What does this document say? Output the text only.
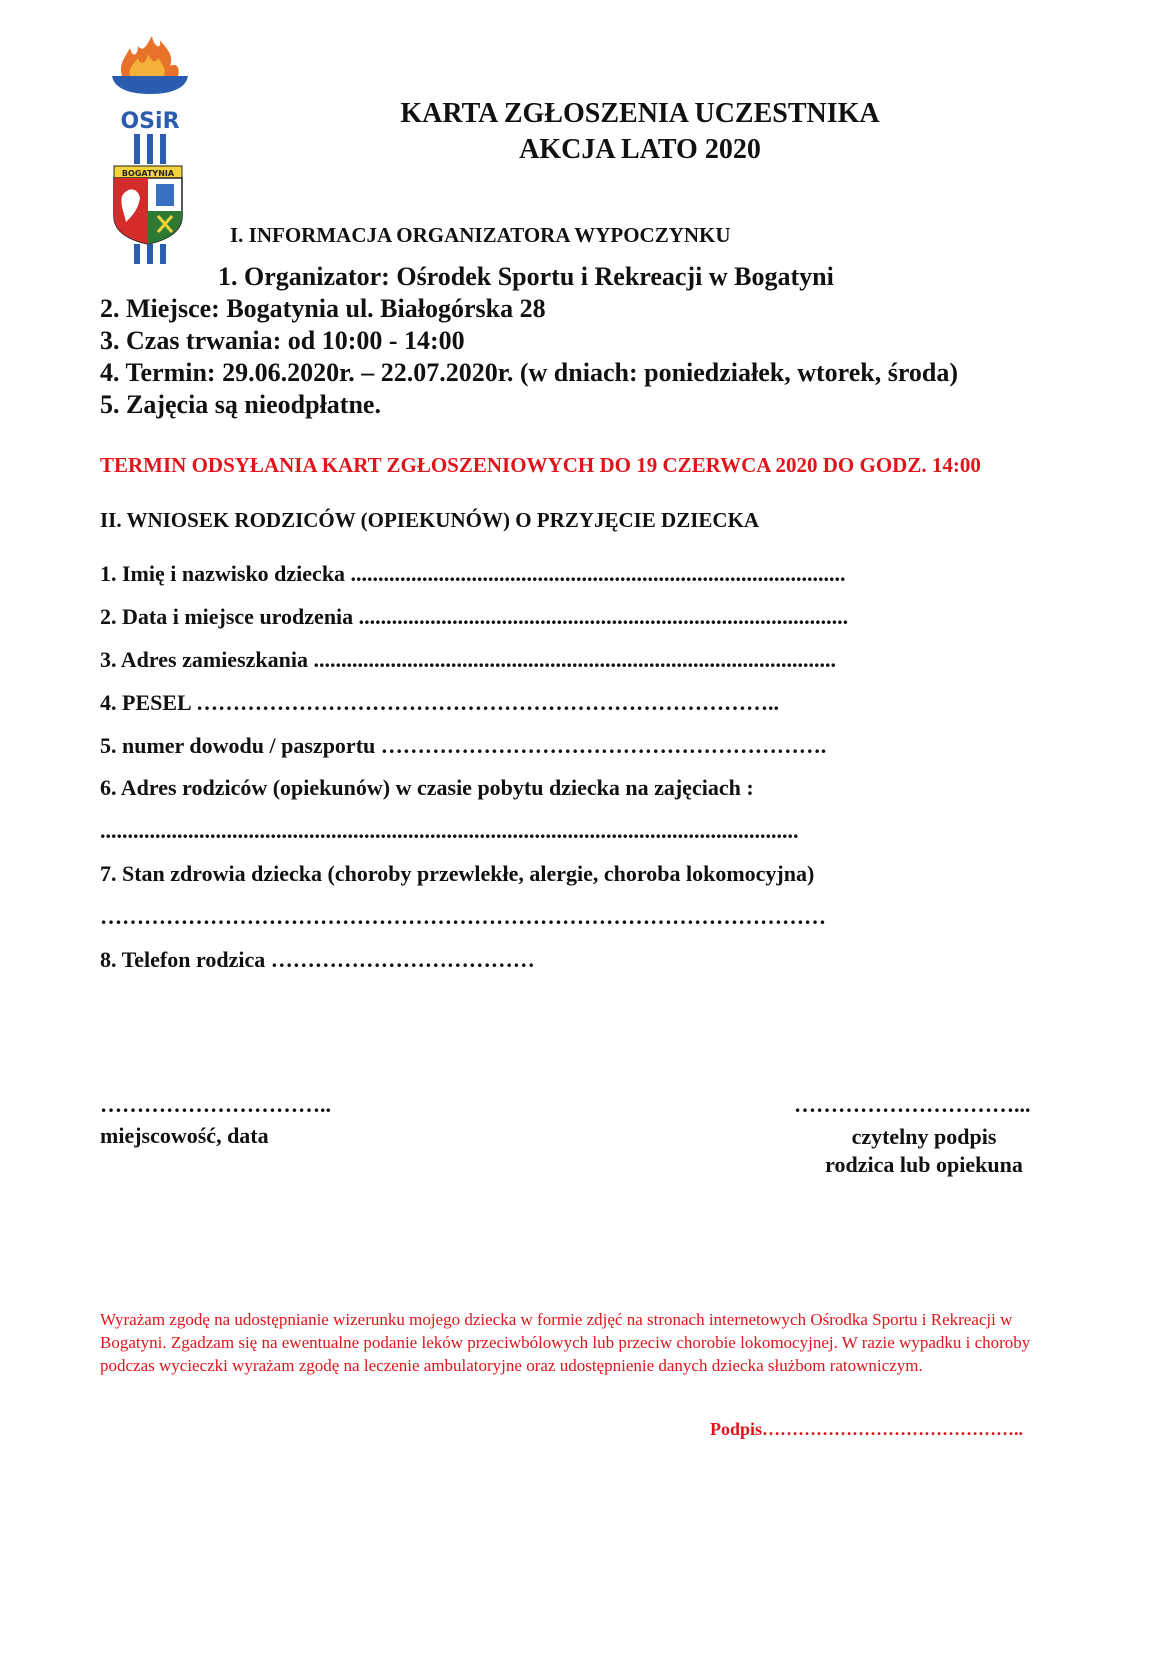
OSiR
BOGATYNIA
KARTA ZGŁOSZENIA UCZESTNIKA
AKCJA LATO 2020
I. INFORMACJA ORGANIZATORA WYPOCZYNKU
1. Organizator: Ośrodek Sportu i Rekreacji w Bogatyni
2. Miejsce: Bogatynia ul. Białogórska 28
3. Czas trwania: od 10:00 - 14:00
4. Termin: 29.06.2020r. – 22.07.2020r. (w dniach: poniedziałek, wtorek, środa)
5. Zajęcia są nieodpłatne.
TERMIN ODSYŁANIA KART ZGŁOSZENIOWYCH DO 19 CZERWCA 2020 DO GODZ. 14:00
II. WNIOSEK RODZICÓW (OPIEKUNÓW) O PRZYJĘCIE DZIECKA
1. Imię i nazwisko dziecka ..........................................................................................
2. Data i miejsce urodzenia .........................................................................................
3. Adres zamieszkania ...............................................................................................
4. PESEL ……………………………………………………………………..
5. numer dowodu / paszportu …………………………………………………….
6. Adres rodziców (opiekunów) w czasie pobytu dziecka na zajęciach :
...............................................................................................................................
7. Stan zdrowia dziecka (choroby przewlekłe, alergie, choroba lokomocyjna)
………………………………………………………………………………………
8. Telefon rodzica ………………………………
…………………………..
miejscowość, data
…………………………...
czytelny podpis
rodzica lub opiekuna
Wyrażam zgodę na udostępnianie wizerunku mojego dziecka w formie zdjęć na stronach internetowych Ośrodka Sportu i Rekreacji w Bogatyni. Zgadzam się na ewentualne podanie leków przeciwbólowych lub przeciw chorobie lokomocyjnej. W razie wypadku i choroby podczas wycieczki wyrażam zgodę na leczenie ambulatoryjne oraz udostępnienie danych dziecka służbom ratowniczym.
Podpis……………………………………..
